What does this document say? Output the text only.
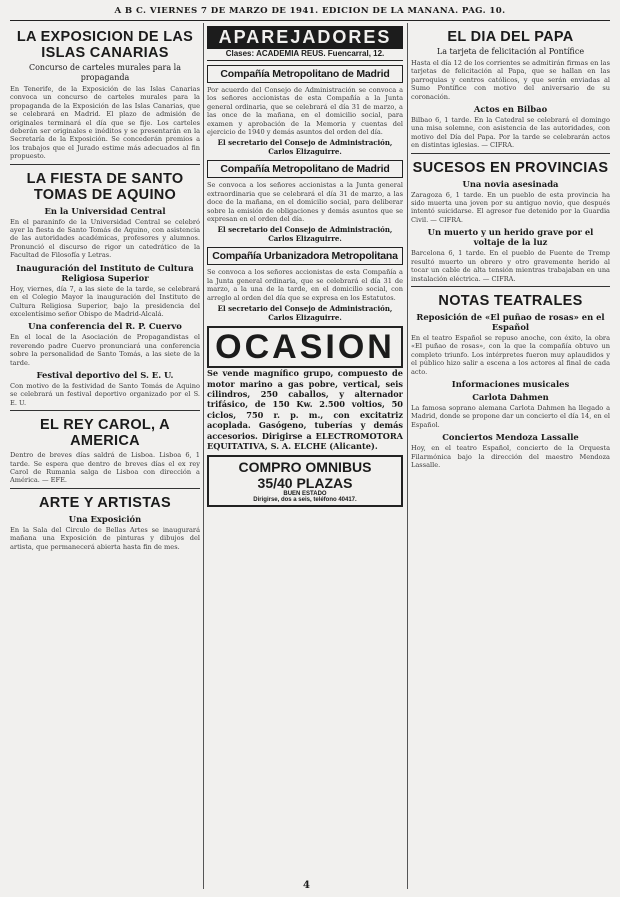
A B C. VIERNES 7 DE MARZO DE 1941. EDICION DE LA MAÑANA. PAG. 10.
LA EXPOSICION DE LAS ISLAS CANARIAS
Concurso de carteles murales para la propaganda
En Tenerife, de la Exposición de las Islas Canarias convoca un concurso de carteles murales para la propaganda de la Exposición de las Islas Canarias, que se celebrará en Madrid. El plazo de admisión de originales terminará el día que se fije. Los carteles deberán ser originales e inéditos y se presentarán en la Secretaría de la Exposición. Se concederán premios a los trabajos que el Jurado estime más adecuados al fin propuesto.
LA FIESTA DE SANTO TOMAS DE AQUINO
En la Universidad Central
En el paraninfo de la Universidad Central se celebró ayer la fiesta de Santo Tomás de Aquino, con asistencia de las autoridades académicas, profesores y alumnos. Pronunció el discurso de rigor un catedrático de la Facultad de Filosofía y Letras.
Inauguración del Instituto de Cultura Religiosa Superior
Hoy, viernes, día 7, a las siete de la tarde, se celebrará en el Colegio Mayor la inauguración del Instituto de Cultura Religiosa Superior, bajo la presidencia del excelentísimo señor Obispo de Madrid-Alcalá.
Una conferencia del R. P. Cuervo
En el local de la Asociación de Propagandistas el reverendo padre Cuervo pronunciará una conferencia sobre la personalidad de Santo Tomás, a las siete de la tarde.
Festival deportivo del S. E. U.
Con motivo de la festividad de Santo Tomás de Aquino se celebrará un festival deportivo organizado por el S. E. U.
EL REY CAROL, A AMERICA
Dentro de breves días saldrá de Lisboa. Lisboa 6, 1 tarde. Se espera que dentro de breves días el ex rey Carol de Rumania salga de Lisboa con dirección a América. — EFE.
ARTE Y ARTISTAS
Una Exposición
En la Sala del Circulo de Bellas Artes se inaugurará mañana una Exposición de pinturas y dibujos del artista, que permanecerá abierta hasta fin de mes.
APAREJADORES
Clases: ACADEMIA REUS. Fuencarral, 12.
Compañía Metropolitano de Madrid
Por acuerdo del Consejo de Administración se convoca a los señores accionistas de esta Compañía a la Junta general ordinaria, que se celebrará el día 31 de marzo, a las once de la mañana, en el domicilio social, para examen y aprobación de la Memoria y cuentas del ejercicio de 1940 y demás asuntos del orden del día.
El secretario del Consejo de Administración, Carlos Elizaguirre.
Compañía Metropolitano de Madrid
Se convoca a los señores accionistas a la Junta general extraordinaria que se celebrará el día 31 de marzo, a las doce de la mañana, en el domicilio social, para deliberar sobre la emisión de obligaciones y demás asuntos que se expresan en el orden del día.
El secretario del Consejo de Administración, Carlos Elizaguirre.
Compañía Urbanizadora Metropolitana
Se convoca a los señores accionistas de esta Compañía a la Junta general ordinaria, que se celebrará el día 31 de marzo, a la una de la tarde, en el domicilio social, con arreglo al orden del día que se expresa en los Estatutos.
El secretario del Consejo de Administración, Carlos Elizaguirre.
OCASION
Se vende magnífico grupo, compuesto de motor marino a gas pobre, vertical, seis cilindros, 250 caballos, y alternador trifásico, de 150 Kw. 2.500 voltios, 50 ciclos, 750 r. p. m., con excitatriz acoplada. Gasógeno, tuberías y demás accesorios. Dirigirse a ELECTROMOTORA EQUITATIVA, S. A. ELCHE (Alicante).
COMPRO OMNIBUS
35/40 PLAZAS
BUEN ESTADO
Dirigirse, dos a seis, teléfono 40417.
EL DIA DEL PAPA
La tarjeta de felicitación al Pontífice
Hasta el día 12 de los corrientes se admitirán firmas en las tarjetas de felicitación al Papa, que se hallan en las parroquias y centros católicos, y que serán enviadas al Sumo Pontífice con motivo del aniversario de su coronación.
Actos en Bilbao
Bilbao 6, 1 tarde. En la Catedral se celebrará el domingo una misa solemne, con asistencia de las autoridades, con motivo del Día del Papa. Por la tarde se celebrarán actos en distintas iglesias. — CIFRA.
SUCESOS EN PROVINCIAS
Una novia asesinada
Zaragoza 6, 1 tarde. En un pueblo de esta provincia ha sido muerta una joven por su antiguo novio, que después intentó suicidarse. El agresor fue detenido por la Guardia Civil. — CIFRA.
Un muerto y un herido grave por el voltaje de la luz
Barcelona 6, 1 tarde. En el pueblo de Fuente de Tremp resultó muerto un obrero y otro gravemente herido al tocar un cable de alta tensión mientras trabajaban en una instalación eléctrica. — CIFRA.
NOTAS TEATRALES
Reposición de «El puñao de rosas» en el Español
En el teatro Español se repuso anoche, con éxito, la obra «El puñao de rosas», con la que la compañía obtuvo un completo triunfo. Los intérpretes fueron muy aplaudidos y el público hizo salir a escena a los actores al final de cada acto.
Informaciones musicales
Carlota Dahmen
La famosa soprano alemana Carlota Dahmen ha llegado a Madrid, donde se propone dar un concierto el día 14, en el Español.
Conciertos Mendoza Lassalle
Hoy, en el teatro Español, concierto de la Orquesta Filarmónica bajo la dirección del maestro Mendoza Lassalle.
4
